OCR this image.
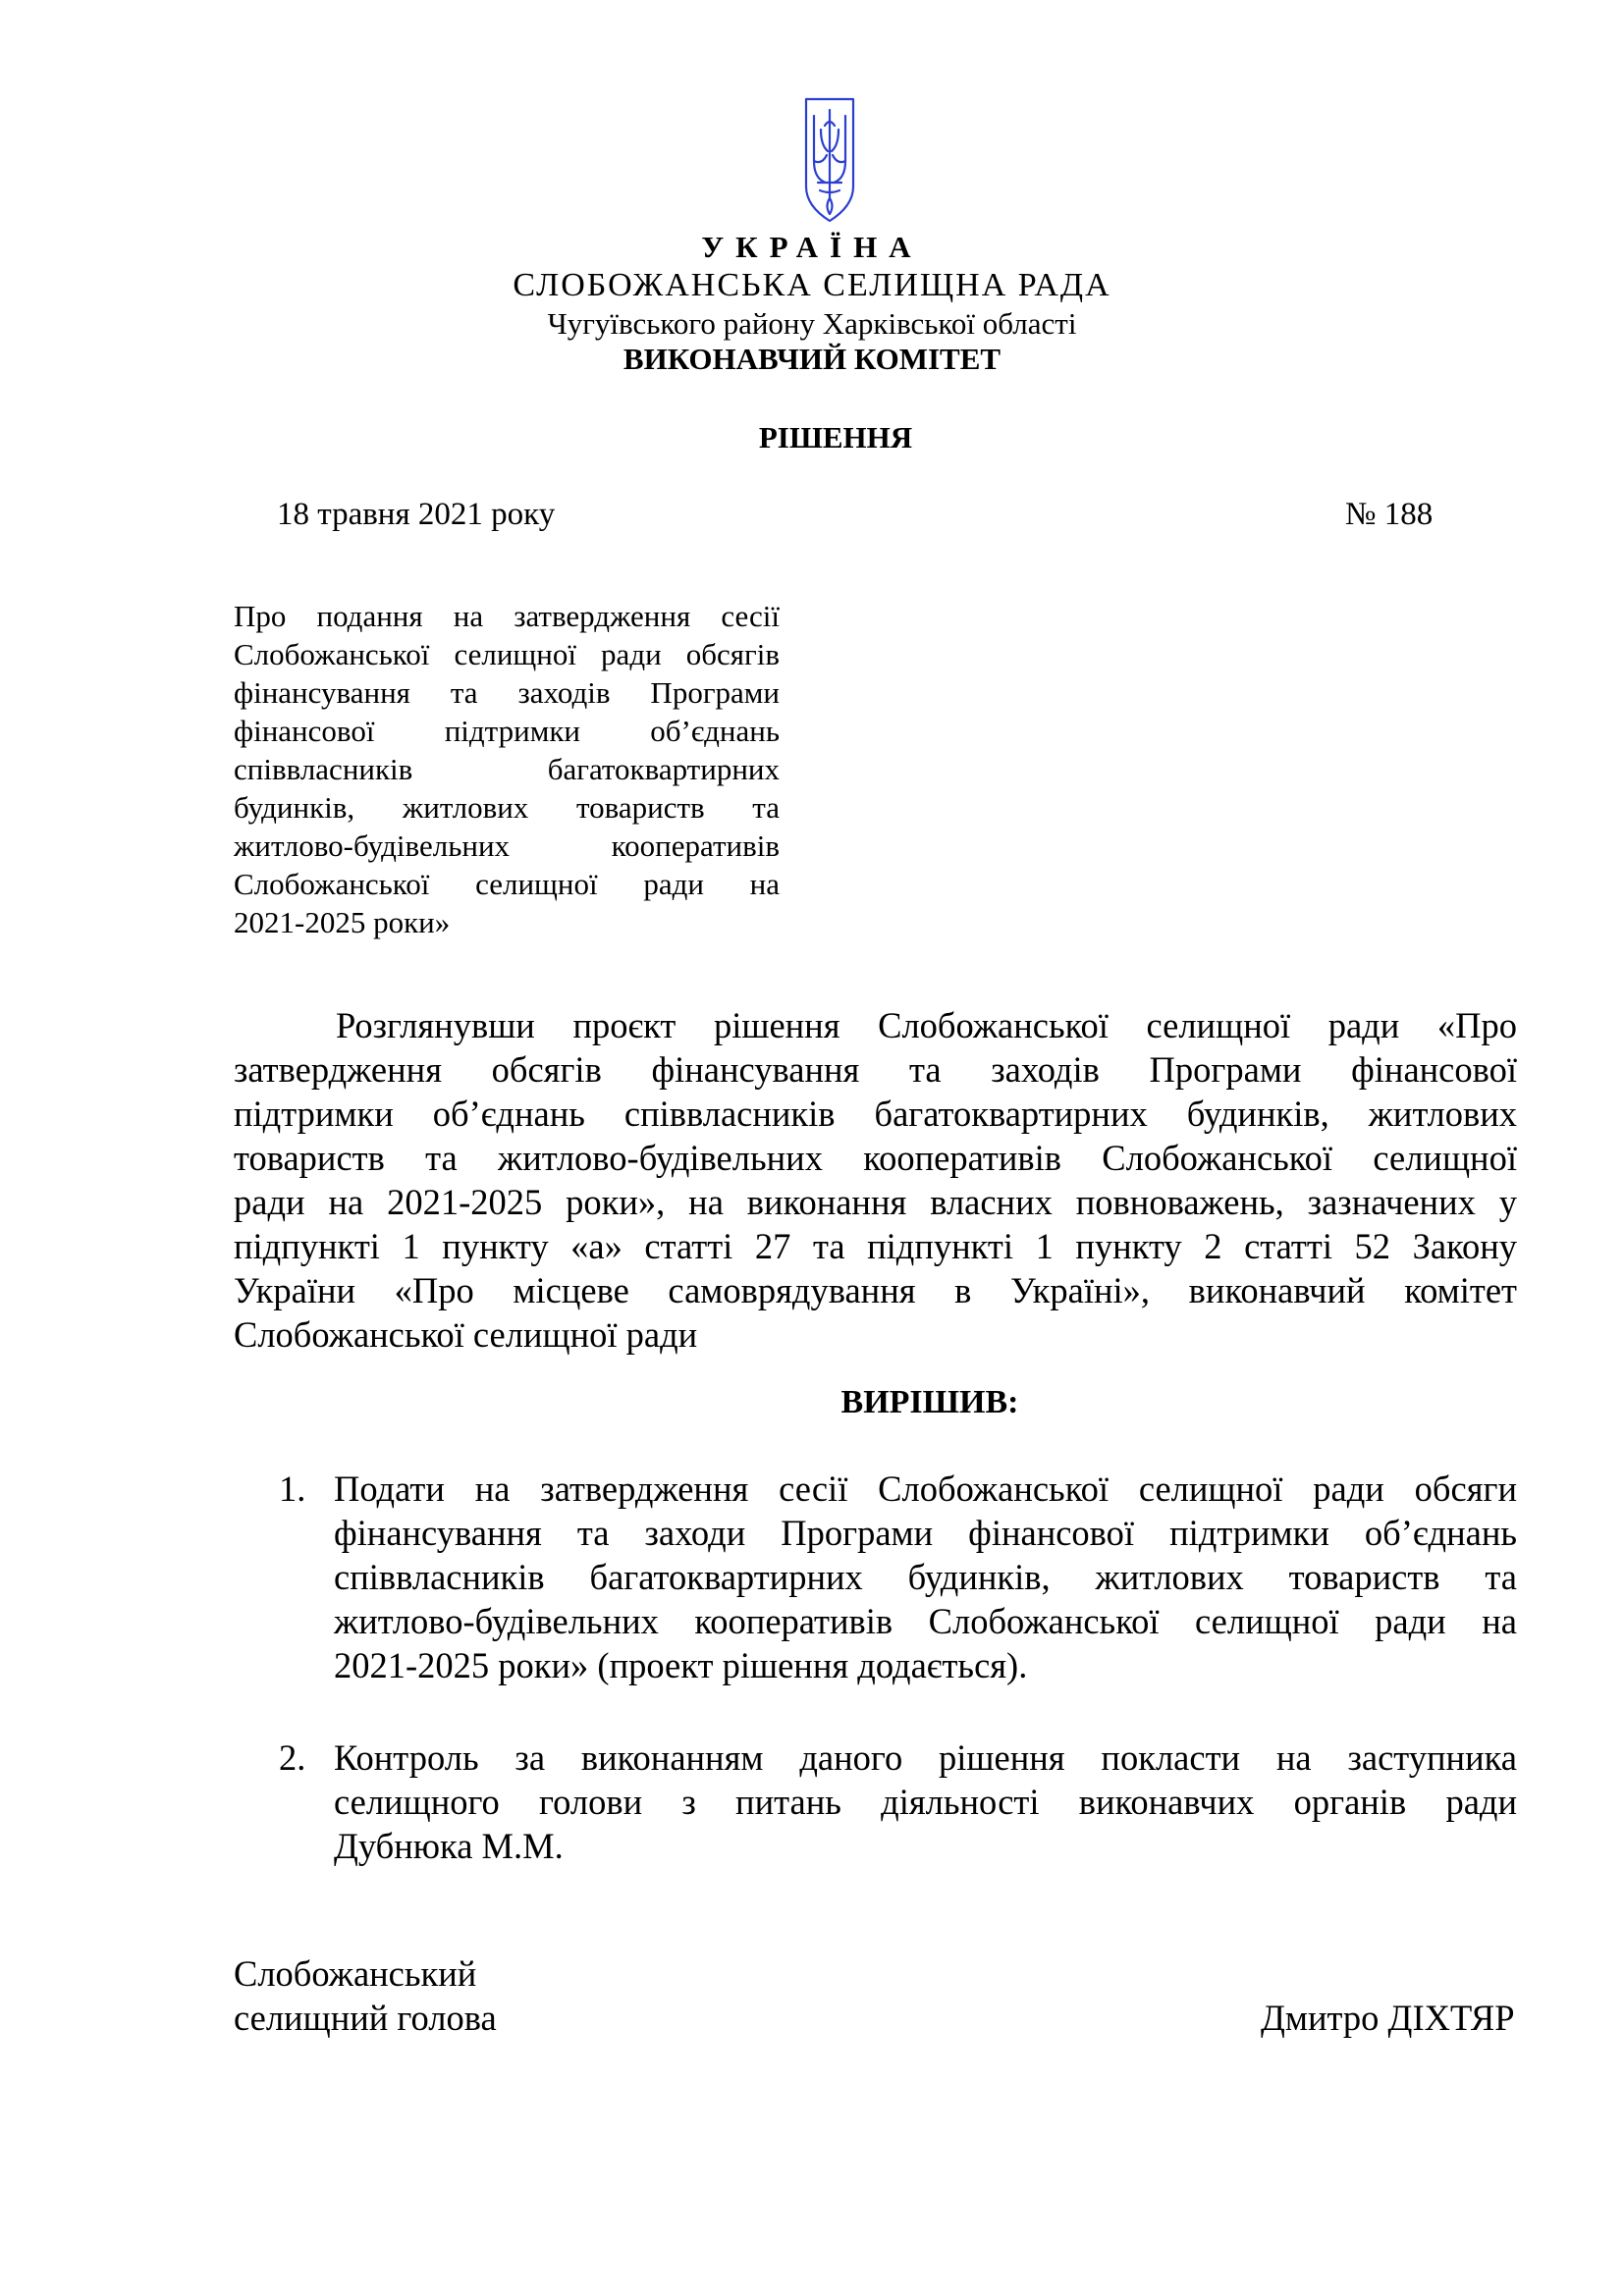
УКРАЇНА
СЛОБОЖАНСЬКА СЕЛИЩНА РАДА
Чугуївського району Харківської області
ВИКОНАВЧИЙ КОМІТЕТ
РІШЕННЯ
18 травня 2021 року	№ 188
Про подання на затвердження сесії
Слобожанської селищної ради обсягів
фінансування та заходів Програми
фінансової підтримки об’єднань
співвласників багатоквартирних
будинків, житлових товариств та
житлово-будівельних кооперативів
Слобожанської селищної ради на
2021-2025 роки»
Розглянувши проєкт рішення Слобожанської селищної ради «Про
затвердження обсягів фінансування та заходів Програми фінансової
підтримки об’єднань співвласників багатоквартирних будинків, житлових
товариств та житлово-будівельних кооперативів Слобожанської селищної
ради на 2021-2025 роки», на виконання власних повноважень, зазначених у
підпункті 1 пункту «а» статті 27 та підпункті 1 пункту 2 статті 52 Закону
України «Про місцеве самоврядування в Україні», виконавчий комітет
Слобожанської селищної ради
ВИРІШИВ:
1. Подати на затвердження сесії Слобожанської селищної ради обсяги
фінансування та заходи Програми фінансової підтримки об’єднань
співвласників багатоквартирних будинків, житлових товариств та
житлово-будівельних кооперативів Слобожанської селищної ради на
2021-2025 роки» (проект рішення додається).
2. Контроль за виконанням даного рішення покласти на заступника
селищного голови з питань діяльності виконавчих органів ради
Дубнюка М.М.
Слобожанський
селищний голова	Дмитро ДІХТЯР
